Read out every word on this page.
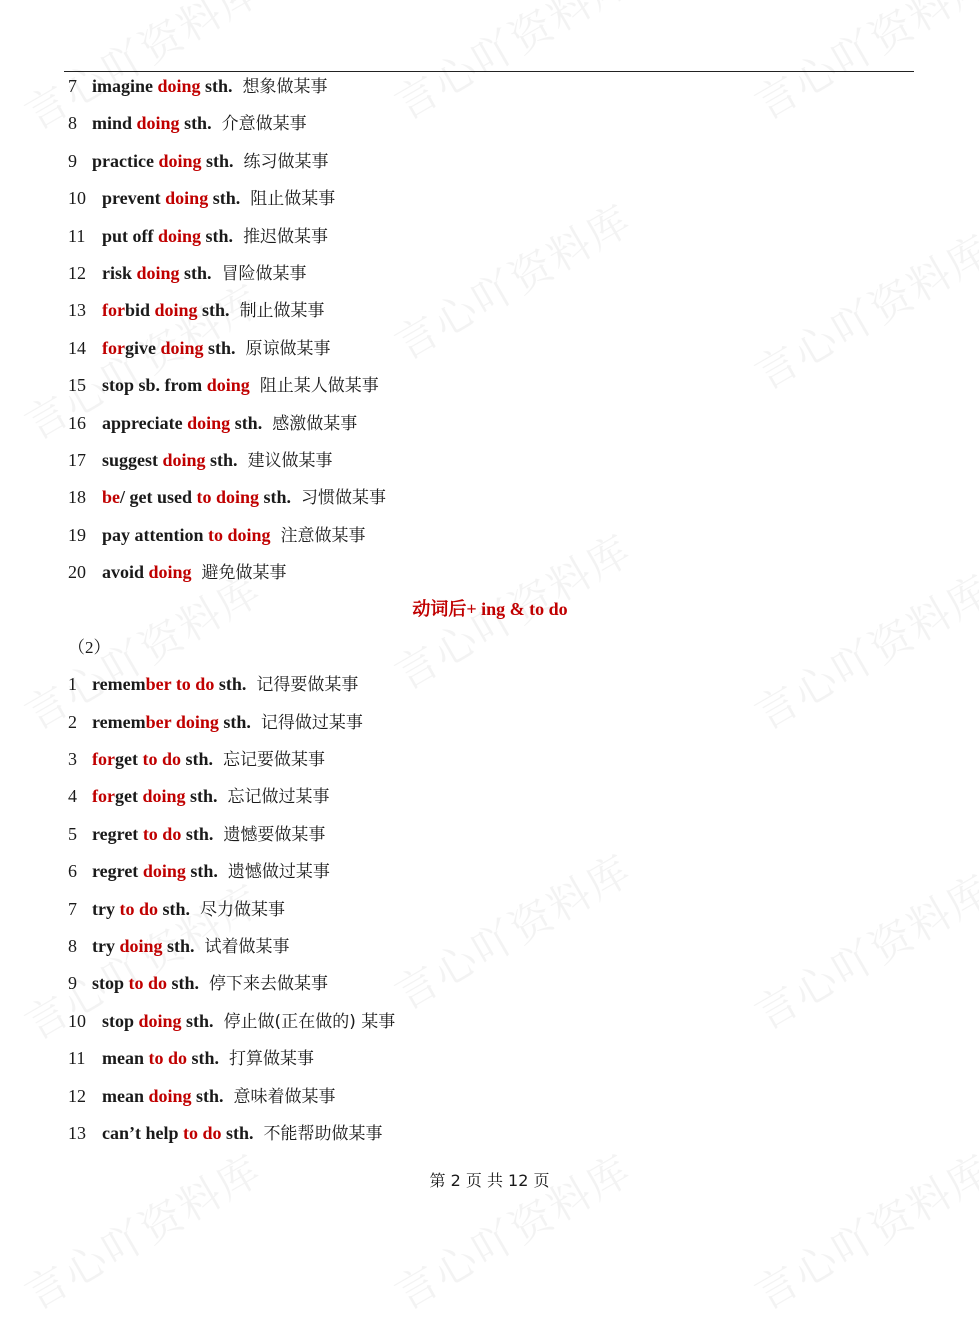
7 imagine doing sth. 想象做某事
8 mind doing sth. 介意做某事
9 practice doing sth. 练习做某事
10 prevent doing sth. 阻止做某事
11 put off doing sth. 推迟做某事
12 risk doing sth. 冒险做某事
13 forbid doing sth. 制止做某事
14 forgive doing sth. 原谅做某事
15 stop sb. from doing 阻止某人做某事
16 appreciate doing sth. 感激做某事
17 suggest doing sth. 建议做某事
18 be/ get used to doing sth. 习惯做某事
19 pay attention to doing 注意做某事
20 avoid doing 避免做某事
动词后+ ing & to do
（2）
1 remember to do sth. 记得要做某事
2 remember doing sth. 记得做过某事
3 forget to do sth. 忘记要做某事
4 forget doing sth. 忘记做过某事
5 regret to do sth. 遗憾要做某事
6 regret doing sth. 遗憾做过某事
7 try to do sth. 尽力做某事
8 try doing sth. 试着做某事
9 stop to do sth. 停下来去做某事
10 stop doing sth. 停止做(正在做的) 某事
11 mean to do sth. 打算做某事
12 mean doing sth. 意味着做某事
13 can’t help to do sth. 不能帮助做某事
第 2 页 共 12 页
